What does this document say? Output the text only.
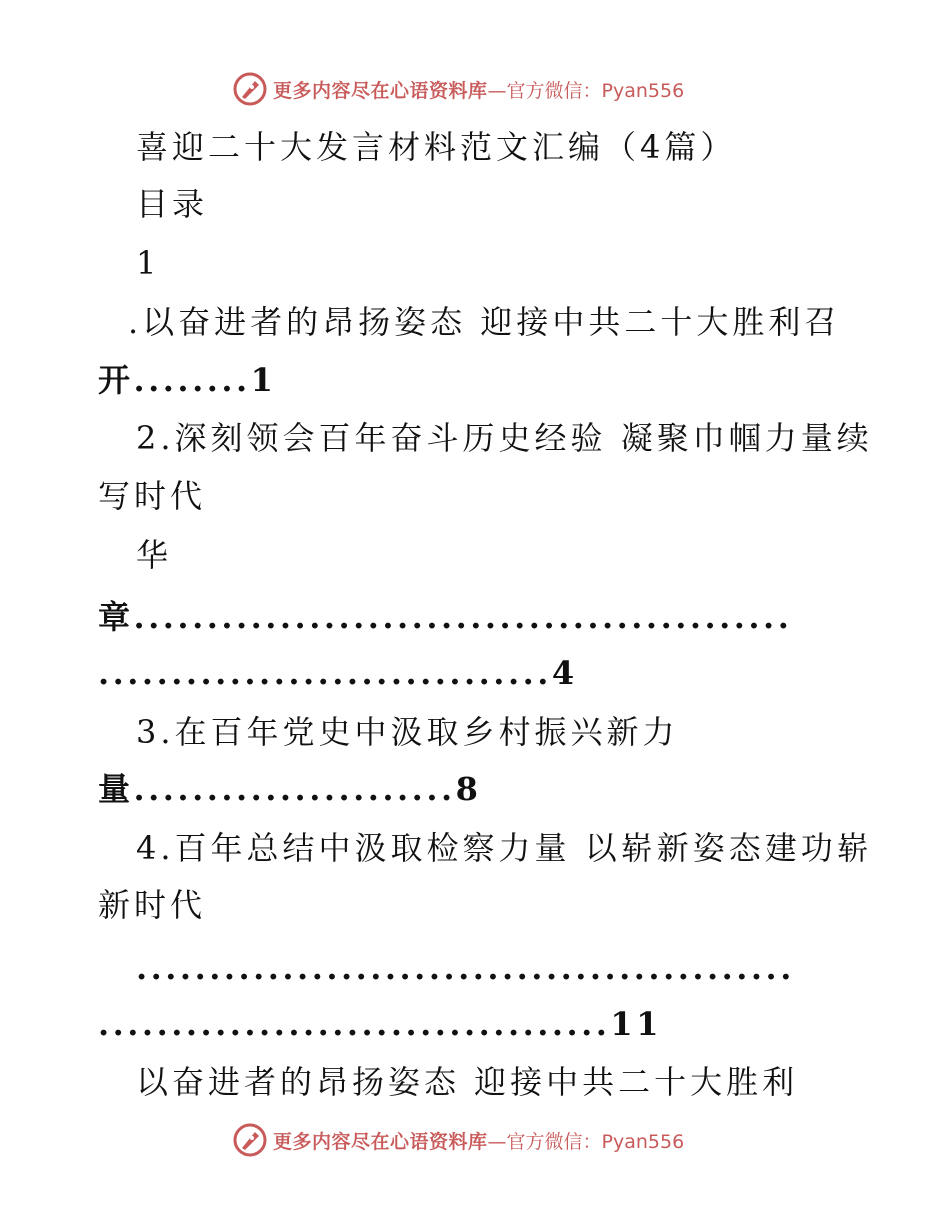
更多内容尽在心语资料库 —官方微信：Pyan556
喜迎二十大发言材料范文汇编（4篇）
目录
1
.以奋进者的昂扬姿态 迎接中共二十大胜利召
开........1
2.深刻领会百年奋斗历史经验 凝聚巾帼力量续
写时代
华
章.............................................
...............................4
3.在百年党史中汲取乡村振兴新力
量......................8
4.百年总结中汲取检察力量 以崭新姿态建功崭
新时代
.............................................
...................................11
以奋进者的昂扬姿态 迎接中共二十大胜利
更多内容尽在心语资料库 —官方微信：Pyan556
